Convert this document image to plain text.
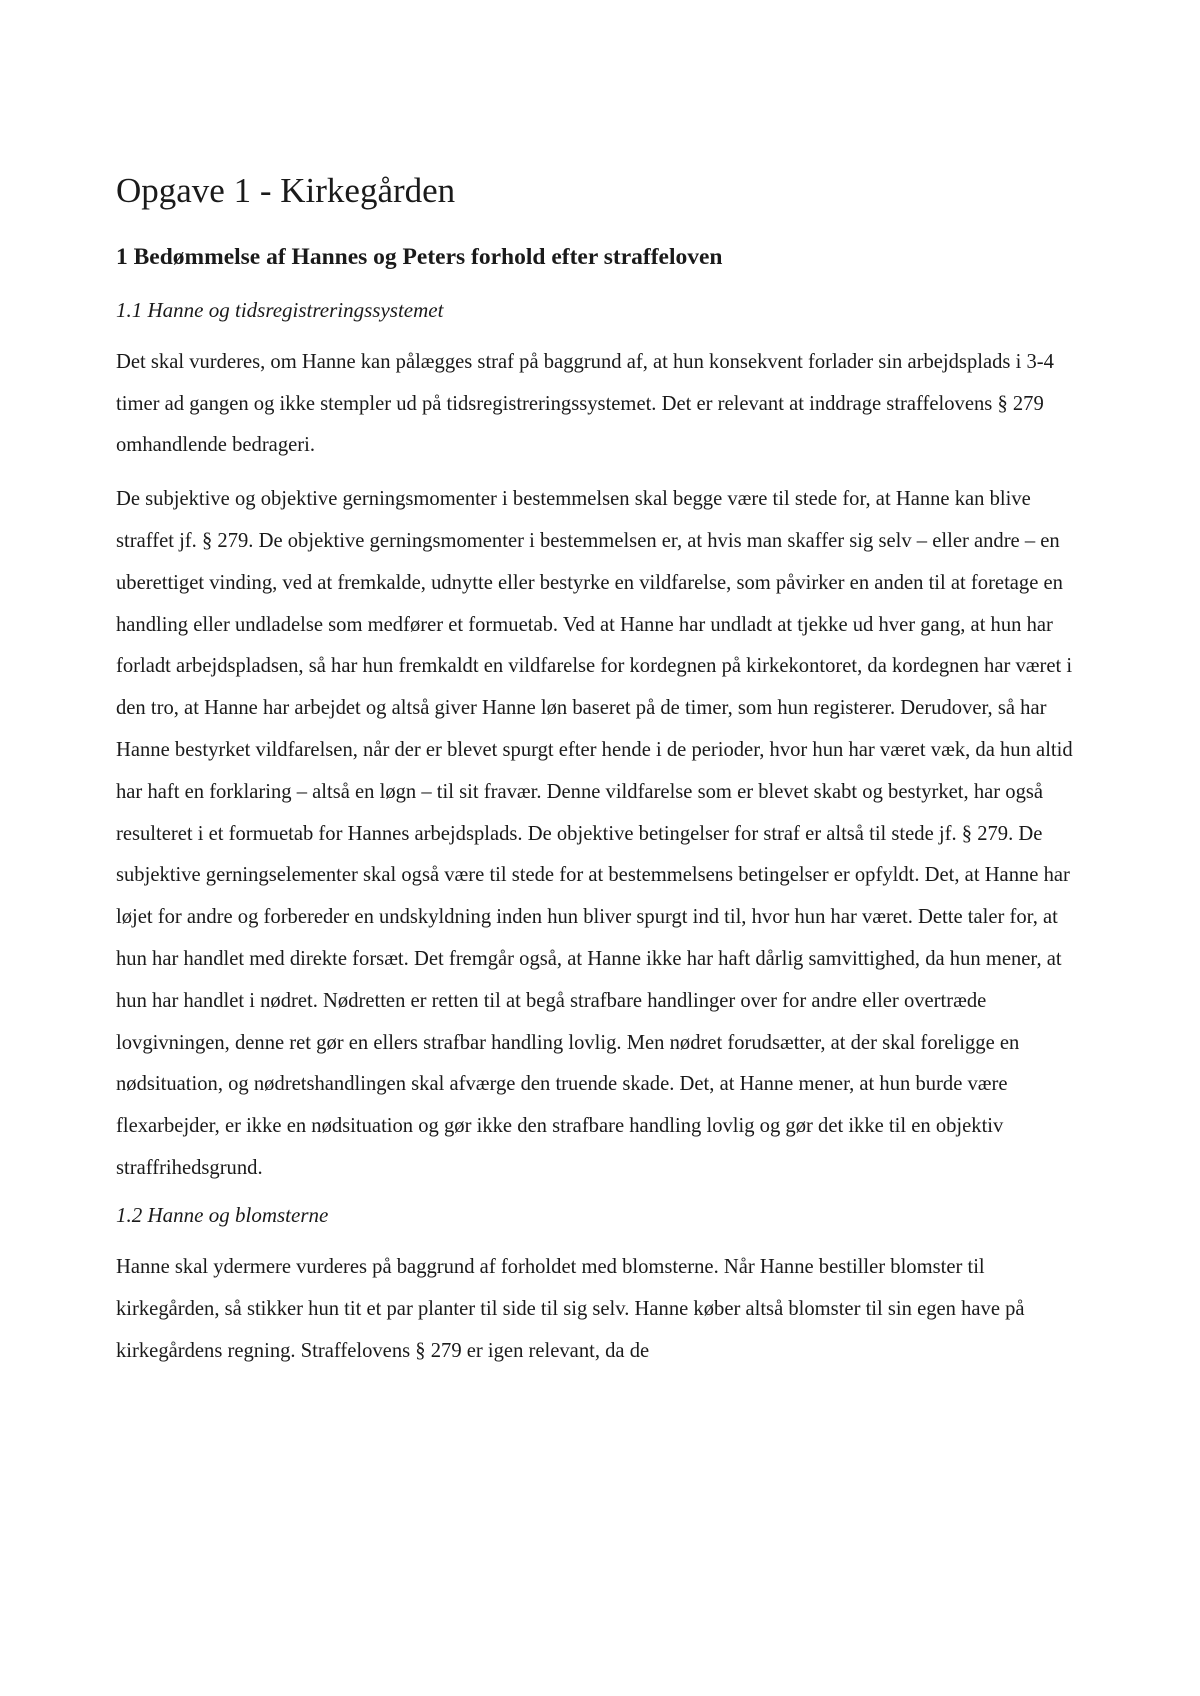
Opgave 1 - Kirkegården
1 Bedømmelse af Hannes og Peters forhold efter straffeloven
1.1 Hanne og tidsregistreringssystemet

Det skal vurderes, om Hanne kan pålægges straf på baggrund af, at hun konsekvent forlader sin arbejdsplads i 3-4 timer ad gangen og ikke stempler ud på tidsregistreringssystemet. Det er relevant at inddrage straffelovens § 279 omhandlende bedrageri.

De subjektive og objektive gerningsmomenter i bestemmelsen skal begge være til stede for, at Hanne kan blive straffet jf. § 279. De objektive gerningsmomenter i bestemmelsen er, at hvis man skaffer sig selv – eller andre – en uberettiget vinding, ved at fremkalde, udnytte eller bestyrke en vildfarelse, som påvirker en anden til at foretage en handling eller undladelse som medfører et formuetab. Ved at Hanne har undladt at tjekke ud hver gang, at hun har forladt arbejdspladsen, så har hun fremkaldt en vildfarelse for kordegnen på kirkekontoret, da kordegnen har været i den tro, at Hanne har arbejdet og altså giver Hanne løn baseret på de timer, som hun registerer. Derudover, så har Hanne bestyrket vildfarelsen, når der er blevet spurgt efter hende i de perioder, hvor hun har været væk, da hun altid har haft en forklaring – altså en løgn – til sit fravær. Denne vildfarelse som er blevet skabt og bestyrket, har også resulteret i et formuetab for Hannes arbejdsplads. De objektive betingelser for straf er altså til stede jf. § 279. De subjektive gerningselementer skal også være til stede for at bestemmelsens betingelser er opfyldt. Det, at Hanne har løjet for andre og forbereder en undskyldning inden hun bliver spurgt ind til, hvor hun har været. Dette taler for, at hun har handlet med direkte forsæt. Det fremgår også, at Hanne ikke har haft dårlig samvittighed, da hun mener, at hun har handlet i nødret. Nødretten er retten til at begå strafbare handlinger over for andre eller overtræde lovgivningen, denne ret gør en ellers strafbar handling lovlig. Men nødret forudsætter, at der skal foreligge en nødsituation, og nødretshandlingen skal afværge den truende skade. Det, at Hanne mener, at hun burde være flexarbejder, er ikke en nødsituation og gør ikke den strafbare handling lovlig og gør det ikke til en objektiv straffrihedsgrund.

1.2 Hanne og blomsterne

Hanne skal ydermere vurderes på baggrund af forholdet med blomsterne. Når Hanne bestiller blomster til kirkegården, så stikker hun tit et par planter til side til sig selv. Hanne køber altså blomster til sin egen have på kirkegårdens regning. Straffelovens § 279 er igen relevant, da de
